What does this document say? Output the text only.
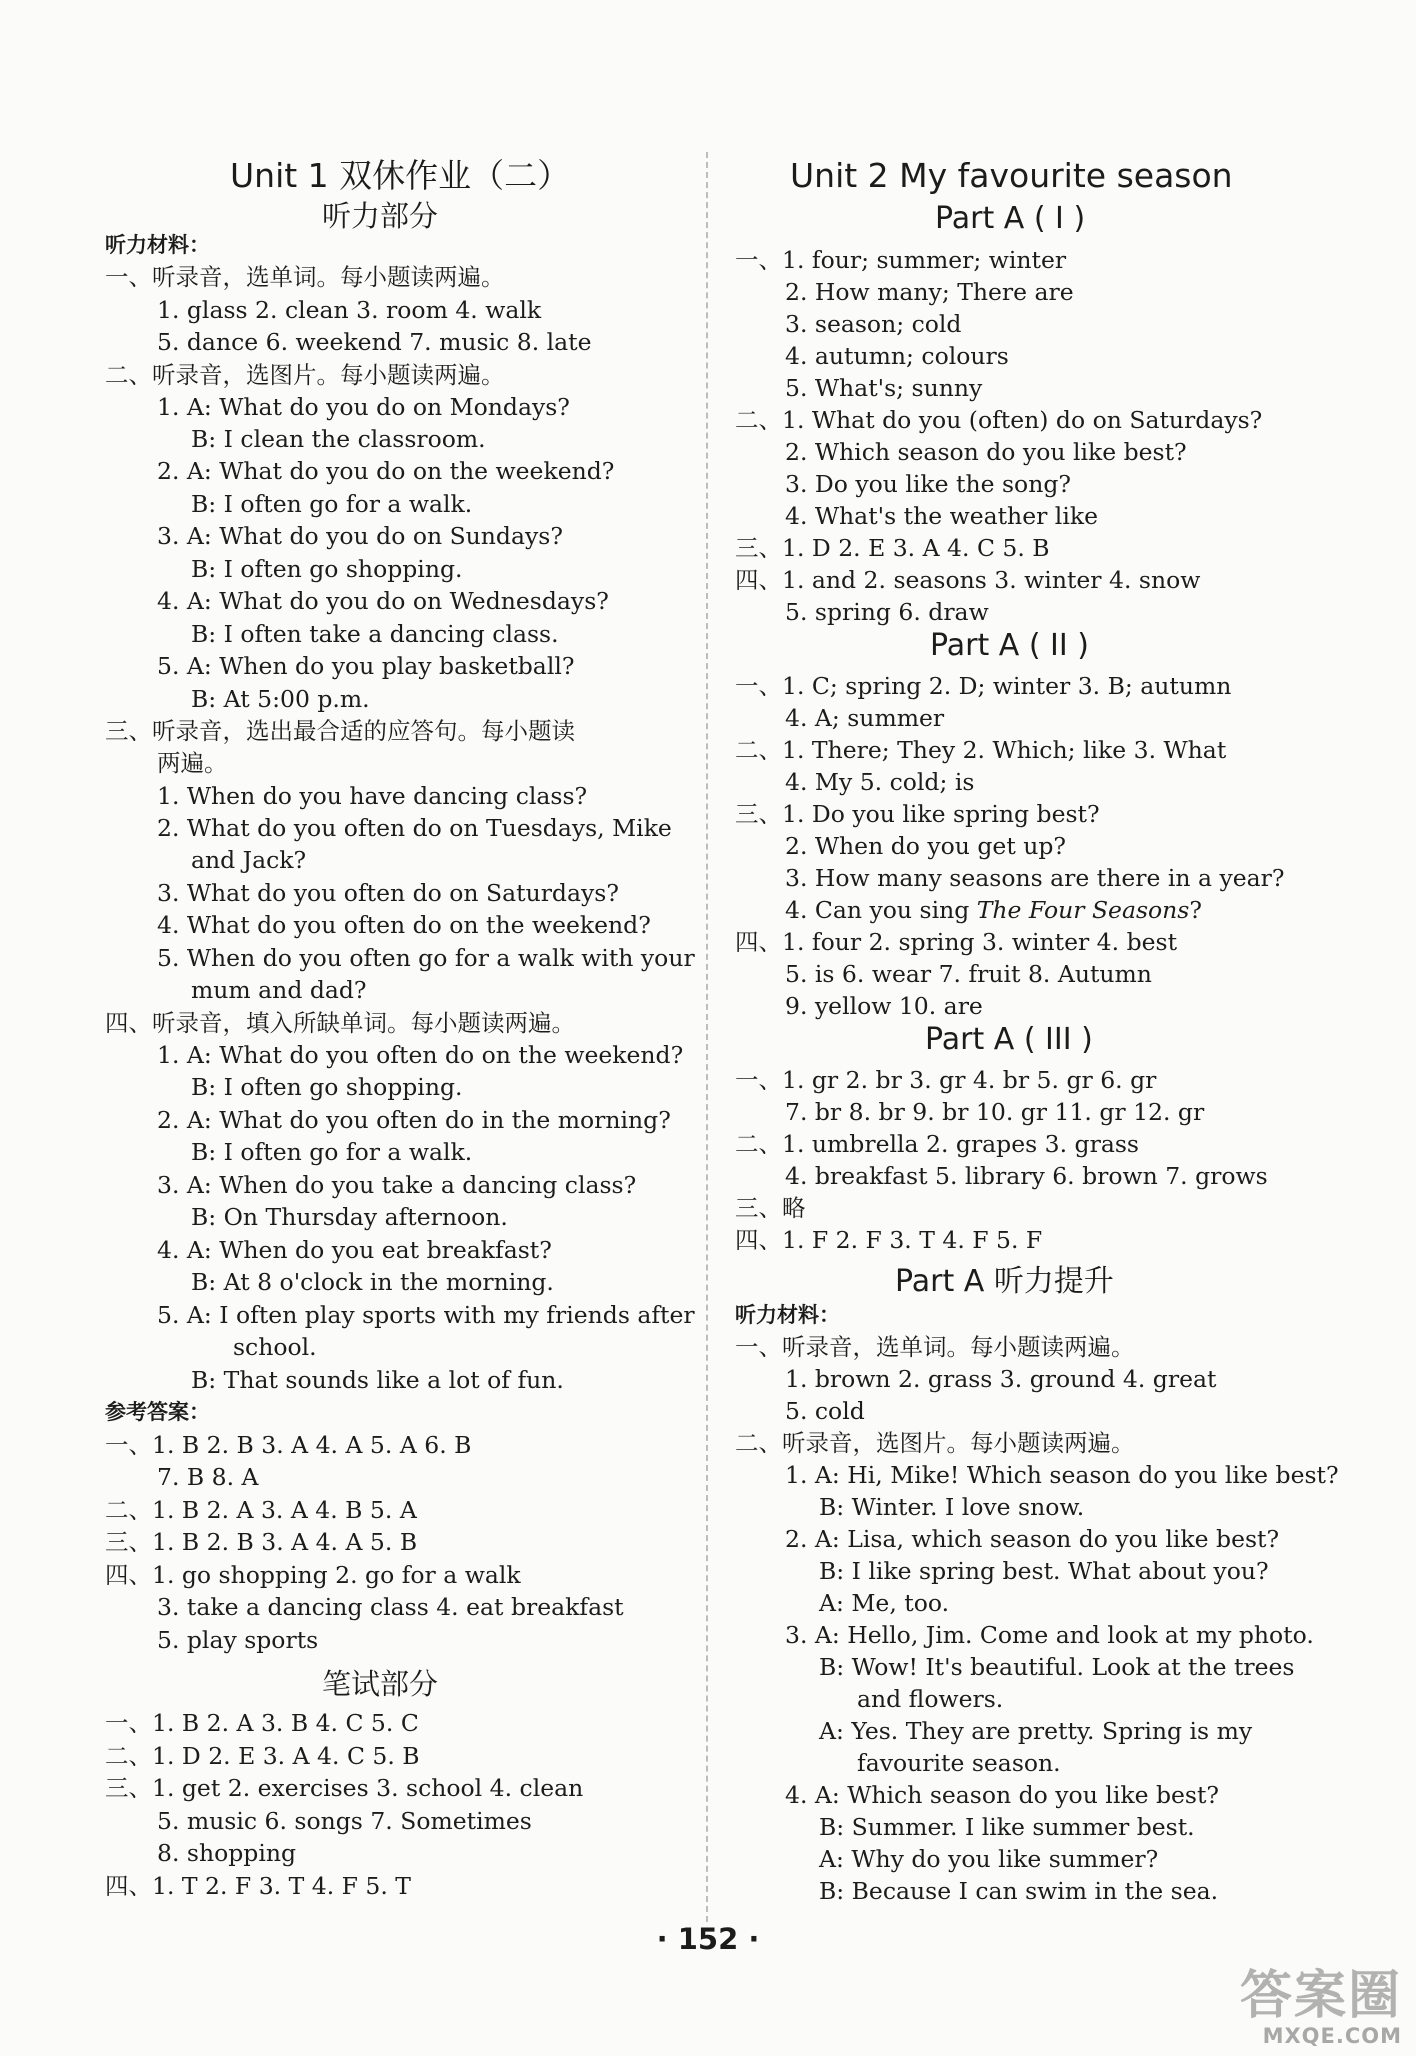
Unit 1 双休作业（二）
听力部分
听力材料：
一、听录音，选单词。每小题读两遍。
1. glass 2. clean 3. room 4. walk
5. dance 6. weekend 7. music 8. late
二、听录音，选图片。每小题读两遍。
1. A: What do you do on Mondays?
B: I clean the classroom.
2. A: What do you do on the weekend?
B: I often go for a walk.
3. A: What do you do on Sundays?
B: I often go shopping.
4. A: What do you do on Wednesdays?
B: I often take a dancing class.
5. A: When do you play basketball?
B: At 5:00 p.m.
三、听录音，选出最合适的应答句。每小题读
两遍。
1. When do you have dancing class?
2. What do you often do on Tuesdays, Mike
and Jack?
3. What do you often do on Saturdays?
4. What do you often do on the weekend?
5. When do you often go for a walk with your
mum and dad?
四、听录音，填入所缺单词。每小题读两遍。
1. A: What do you often do on the weekend?
B: I often go shopping.
2. A: What do you often do in the morning?
B: I often go for a walk.
3. A: When do you take a dancing class?
B: On Thursday afternoon.
4. A: When do you eat breakfast?
B: At 8 o'clock in the morning.
5. A: I often play sports with my friends after
school.
B: That sounds like a lot of fun.
参考答案：
一、1. B 2. B 3. A 4. A 5. A 6. B
7. B 8. A
二、1. B 2. A 3. A 4. B 5. A
三、1. B 2. B 3. A 4. A 5. B
四、1. go shopping 2. go for a walk
3. take a dancing class 4. eat breakfast
5. play sports
笔试部分
一、1. B 2. A 3. B 4. C 5. C
二、1. D 2. E 3. A 4. C 5. B
三、1. get 2. exercises 3. school 4. clean
5. music 6. songs 7. Sometimes
8. shopping
四、1. T 2. F 3. T 4. F 5. T
Unit 2 My favourite season
Part A ( I )
一、1. four; summer; winter
2. How many; There are
3. season; cold
4. autumn; colours
5. What's; sunny
二、1. What do you (often) do on Saturdays?
2. Which season do you like best?
3. Do you like the song?
4. What's the weather like
三、1. D 2. E 3. A 4. C 5. B
四、1. and 2. seasons 3. winter 4. snow
5. spring 6. draw
Part A ( II )
一、1. C; spring 2. D; winter 3. B; autumn
4. A; summer
二、1. There; They 2. Which; like 3. What
4. My 5. cold; is
三、1. Do you like spring best?
2. When do you get up?
3. How many seasons are there in a year?
4. Can you sing The Four Seasons?
四、1. four 2. spring 3. winter 4. best
5. is 6. wear 7. fruit 8. Autumn
9. yellow 10. are
Part A ( III )
一、1. gr 2. br 3. gr 4. br 5. gr 6. gr
7. br 8. br 9. br 10. gr 11. gr 12. gr
二、1. umbrella 2. grapes 3. grass
4. breakfast 5. library 6. brown 7. grows
三、略
四、1. F 2. F 3. T 4. F 5. F
Part A 听力提升
听力材料：
一、听录音，选单词。每小题读两遍。
1. brown 2. grass 3. ground 4. great
5. cold
二、听录音，选图片。每小题读两遍。
1. A: Hi, Mike! Which season do you like best?
B: Winter. I love snow.
2. A: Lisa, which season do you like best?
B: I like spring best. What about you?
A: Me, too.
3. A: Hello, Jim. Come and look at my photo.
B: Wow! It's beautiful. Look at the trees
and flowers.
A: Yes. They are pretty. Spring is my
favourite season.
4. A: Which season do you like best?
B: Summer. I like summer best.
A: Why do you like summer?
B: Because I can swim in the sea.
· 152 ·
答案圈
MXQE.COM
